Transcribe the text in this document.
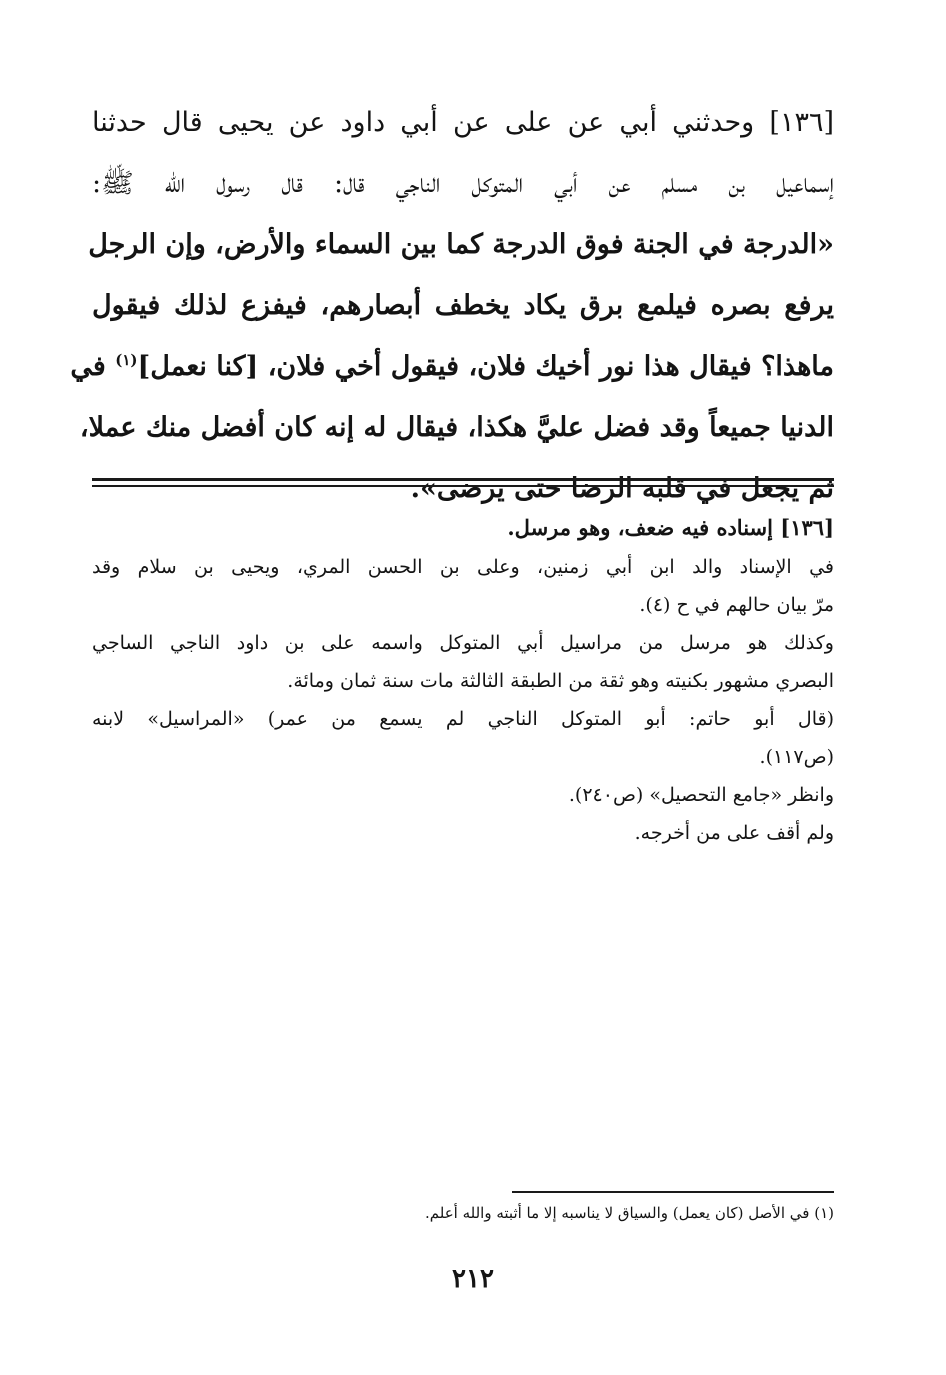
[١٣٦] وحدثني أبي عن على عن أبي داود عن يحيى قال حدثنا
إسماعيل بن مسلم عن أبي المتوكل الناجي قال: قال رسول الله ﷺ:
«الدرجة في الجنة فوق الدرجة كما بين السماء والأرض، وإن الرجل
يرفع بصره فيلمع برق يكاد يخطف أبصارهم، فيفزع لذلك فيقول
ماهذا؟ فيقال هذا نور أخيك فلان، فيقول أخي فلان، [كنا نعمل]$^{(١)}$ في
الدنيا جميعاً وقد فضل عليَّ هكذا، فيقال له إنه كان أفضل منك عملا،
ثم يجعل في قلبه الرضا حتى يرضى».
[١٣٦] إسناده فيه ضعف، وهو مرسل.
في الإسناد والد ابن أبي زمنين، وعلى بن الحسن المري، ويحيى بن سلام وقد
مرّ بيان حالهم في ح (٤).
وكذلك هو مرسل من مراسيل أبي المتوكل واسمه على بن داود الناجي الساجي
البصري مشهور بكنيته وهو ثقة من الطبقة الثالثة مات سنة ثمان ومائة.
(قال أبو حاتم: أبو المتوكل الناجي لم يسمع من عمر) «المراسيل» لابنه
(ص١١٧).
وانظر «جامع التحصيل» (ص٢٤٠).
ولم أقف على من أخرجه.
(١) في الأصل (كان يعمل) والسياق لا يناسبه إلا ما أثبته والله أعلم.
٢١٢
